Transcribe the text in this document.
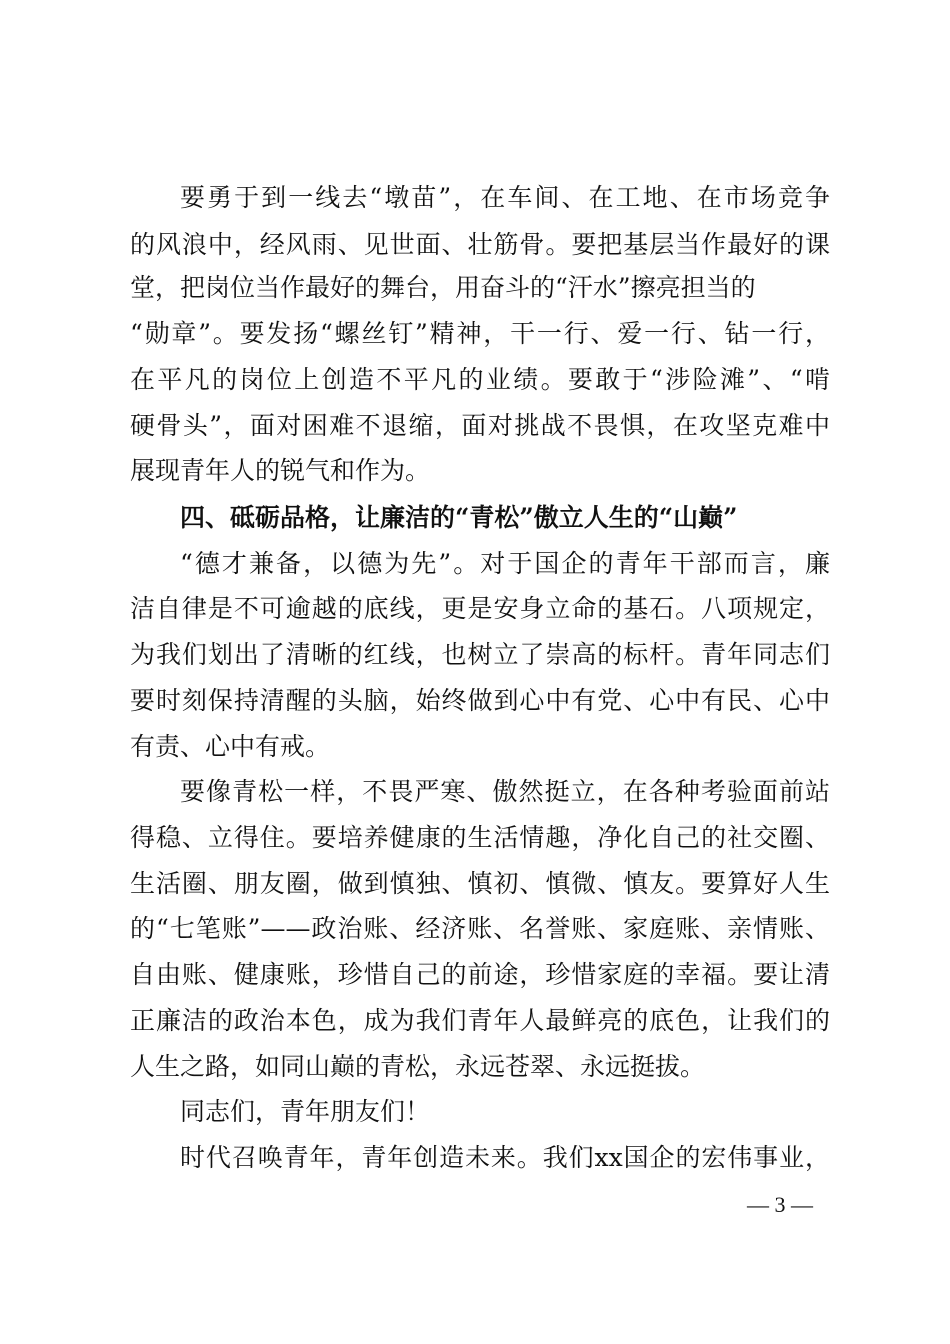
要勇于到一线去“墩苗”，在车间、在工地、在市场竞争
的风浪中，经风雨、见世面、壮筋骨。要把基层当作最好的课
堂，把岗位当作最好的舞台，用奋斗的“汗水”擦亮担当的
“勋章”。要发扬“螺丝钉”精神，干一行、爱一行、钻一行，
在平凡的岗位上创造不平凡的业绩。要敢于“涉险滩”、“啃
硬骨头”，面对困难不退缩，面对挑战不畏惧，在攻坚克难中
展现青年人的锐气和作为。
四、砥砺品格，让廉洁的“青松”傲立人生的“山巅”
“德才兼备，以德为先”。对于国企的青年干部而言，廉
洁自律是不可逾越的底线，更是安身立命的基石。八项规定，
为我们划出了清晰的红线，也树立了崇高的标杆。青年同志们
要时刻保持清醒的头脑，始终做到心中有党、心中有民、心中
有责、心中有戒。
要像青松一样，不畏严寒、傲然挺立，在各种考验面前站
得稳、立得住。要培养健康的生活情趣，净化自己的社交圈、
生活圈、朋友圈，做到慎独、慎初、慎微、慎友。要算好人生
的“七笔账”——政治账、经济账、名誉账、家庭账、亲情账、
自由账、健康账，珍惜自己的前途，珍惜家庭的幸福。要让清
正廉洁的政治本色，成为我们青年人最鲜亮的底色，让我们的
人生之路，如同山巅的青松，永远苍翠、永远挺拔。
同志们，青年朋友们！
时代召唤青年，青年创造未来。我们xx国企的宏伟事业，
— 3 —
